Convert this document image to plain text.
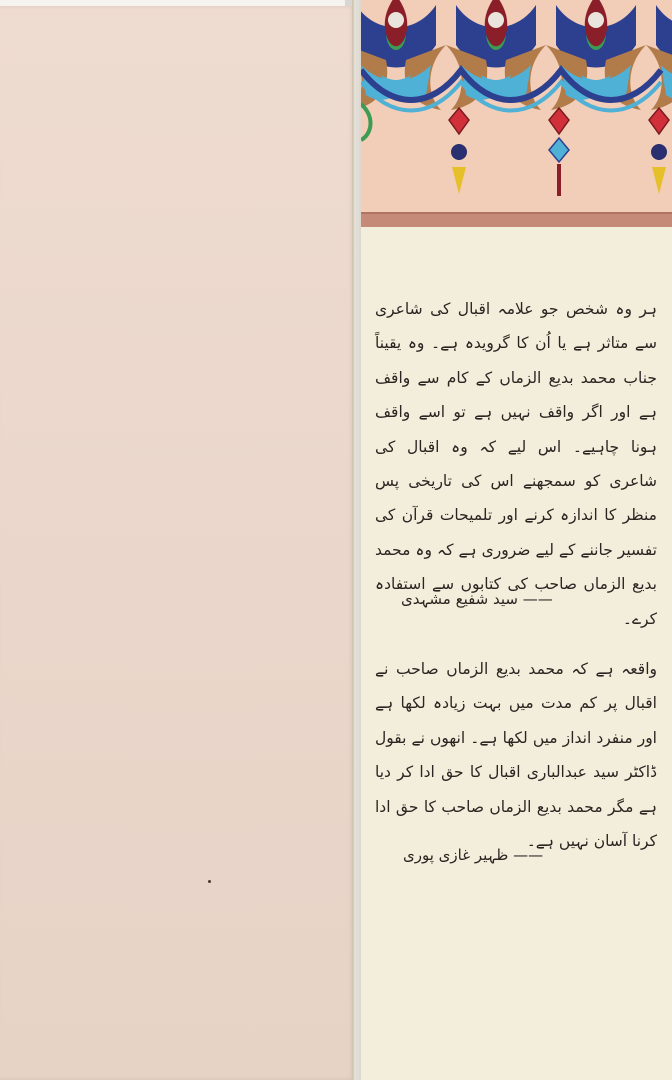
ہر وہ شخص جو علامہ اقبال کی شاعری سے متاثر ہے یا اُن کا گرویدہ ہے۔ وہ یقیناً جناب محمد بدیع الزماں کے کام سے واقف ہے اور اگر واقف نہیں ہے تو اسے واقف ہونا چاہیے۔ اس لیے کہ وہ اقبال کی شاعری کو سمجھنے اس کی تاریخی پس منظر کا اندازہ کرنے اور تلمیحات قرآن کی تفسیر جاننے کے لیے ضروری ہے کہ وہ محمد بدیع الزماں صاحب کی کتابوں سے استفادہ کرے۔

—— سید شفیع مشہدی

واقعہ ہے کہ محمد بدیع الزماں صاحب نے اقبال پر کم مدت میں بہت زیادہ لکھا ہے اور منفرد انداز میں لکھا ہے۔ انھوں نے بقول ڈاکٹر سید عبدالباری اقبال کا حق ادا کر دیا ہے مگر محمد بدیع الزماں صاحب کا حق ادا کرنا آسان نہیں ہے۔

—— ظہیر غازی پوری
